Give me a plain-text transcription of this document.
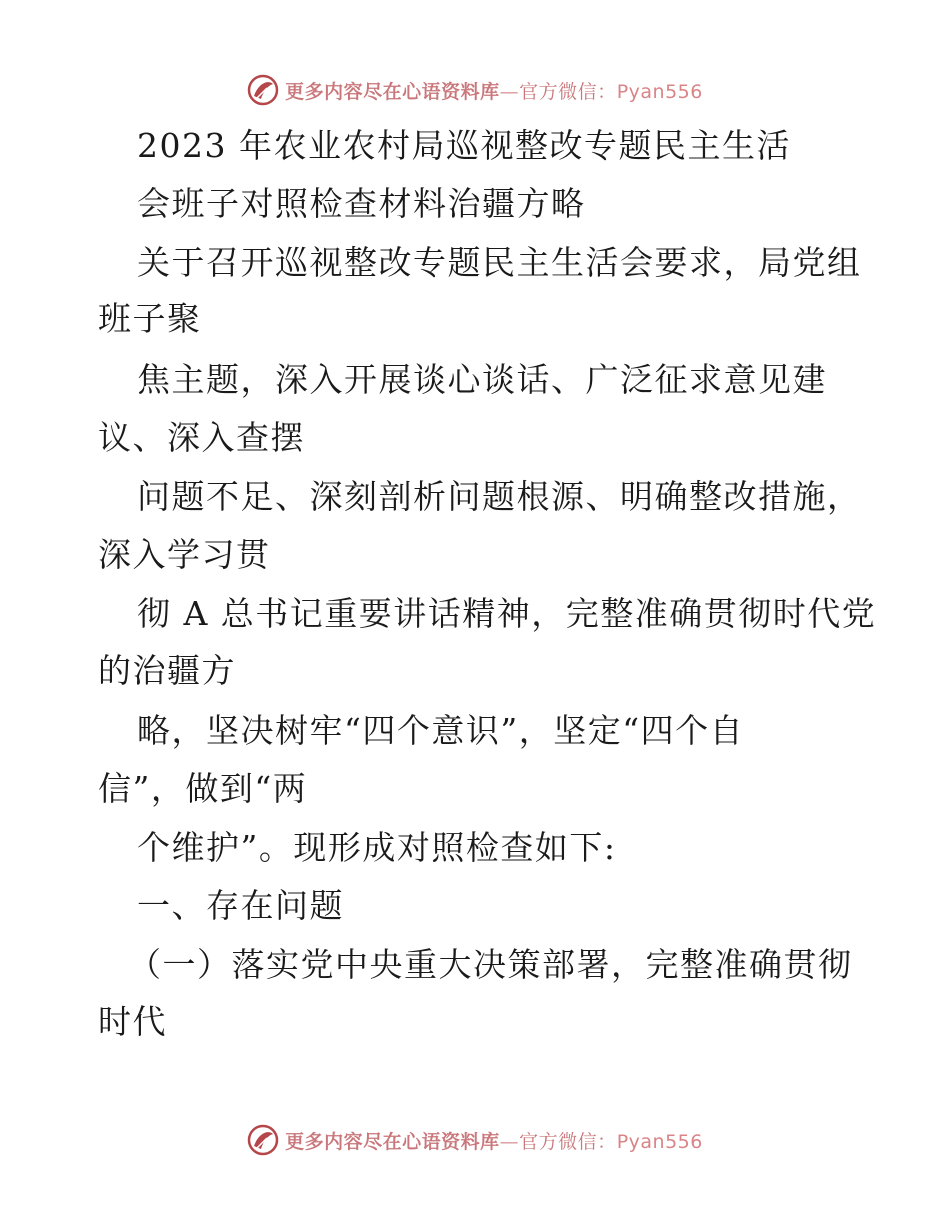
更多内容尽在心语资料库—官方微信：Pyan556
2023 年农业农村局巡视整改专题民主生活
会班子对照检查材料治疆方略
关于召开巡视整改专题民主生活会要求，局党组
班子聚
焦主题，深入开展谈心谈话、广泛征求意见建
议、深入查摆
问题不足、深刻剖析问题根源、明确整改措施，
深入学习贯
彻 A 总书记重要讲话精神，完整准确贯彻时代党
的治疆方
略，坚决树牢“四个意识”，坚定“四个自
信”，做到“两
个维护”。现形成对照检查如下:
一、存在问题
（一）落实党中央重大决策部署，完整准确贯彻
时代
更多内容尽在心语资料库—官方微信：Pyan556
